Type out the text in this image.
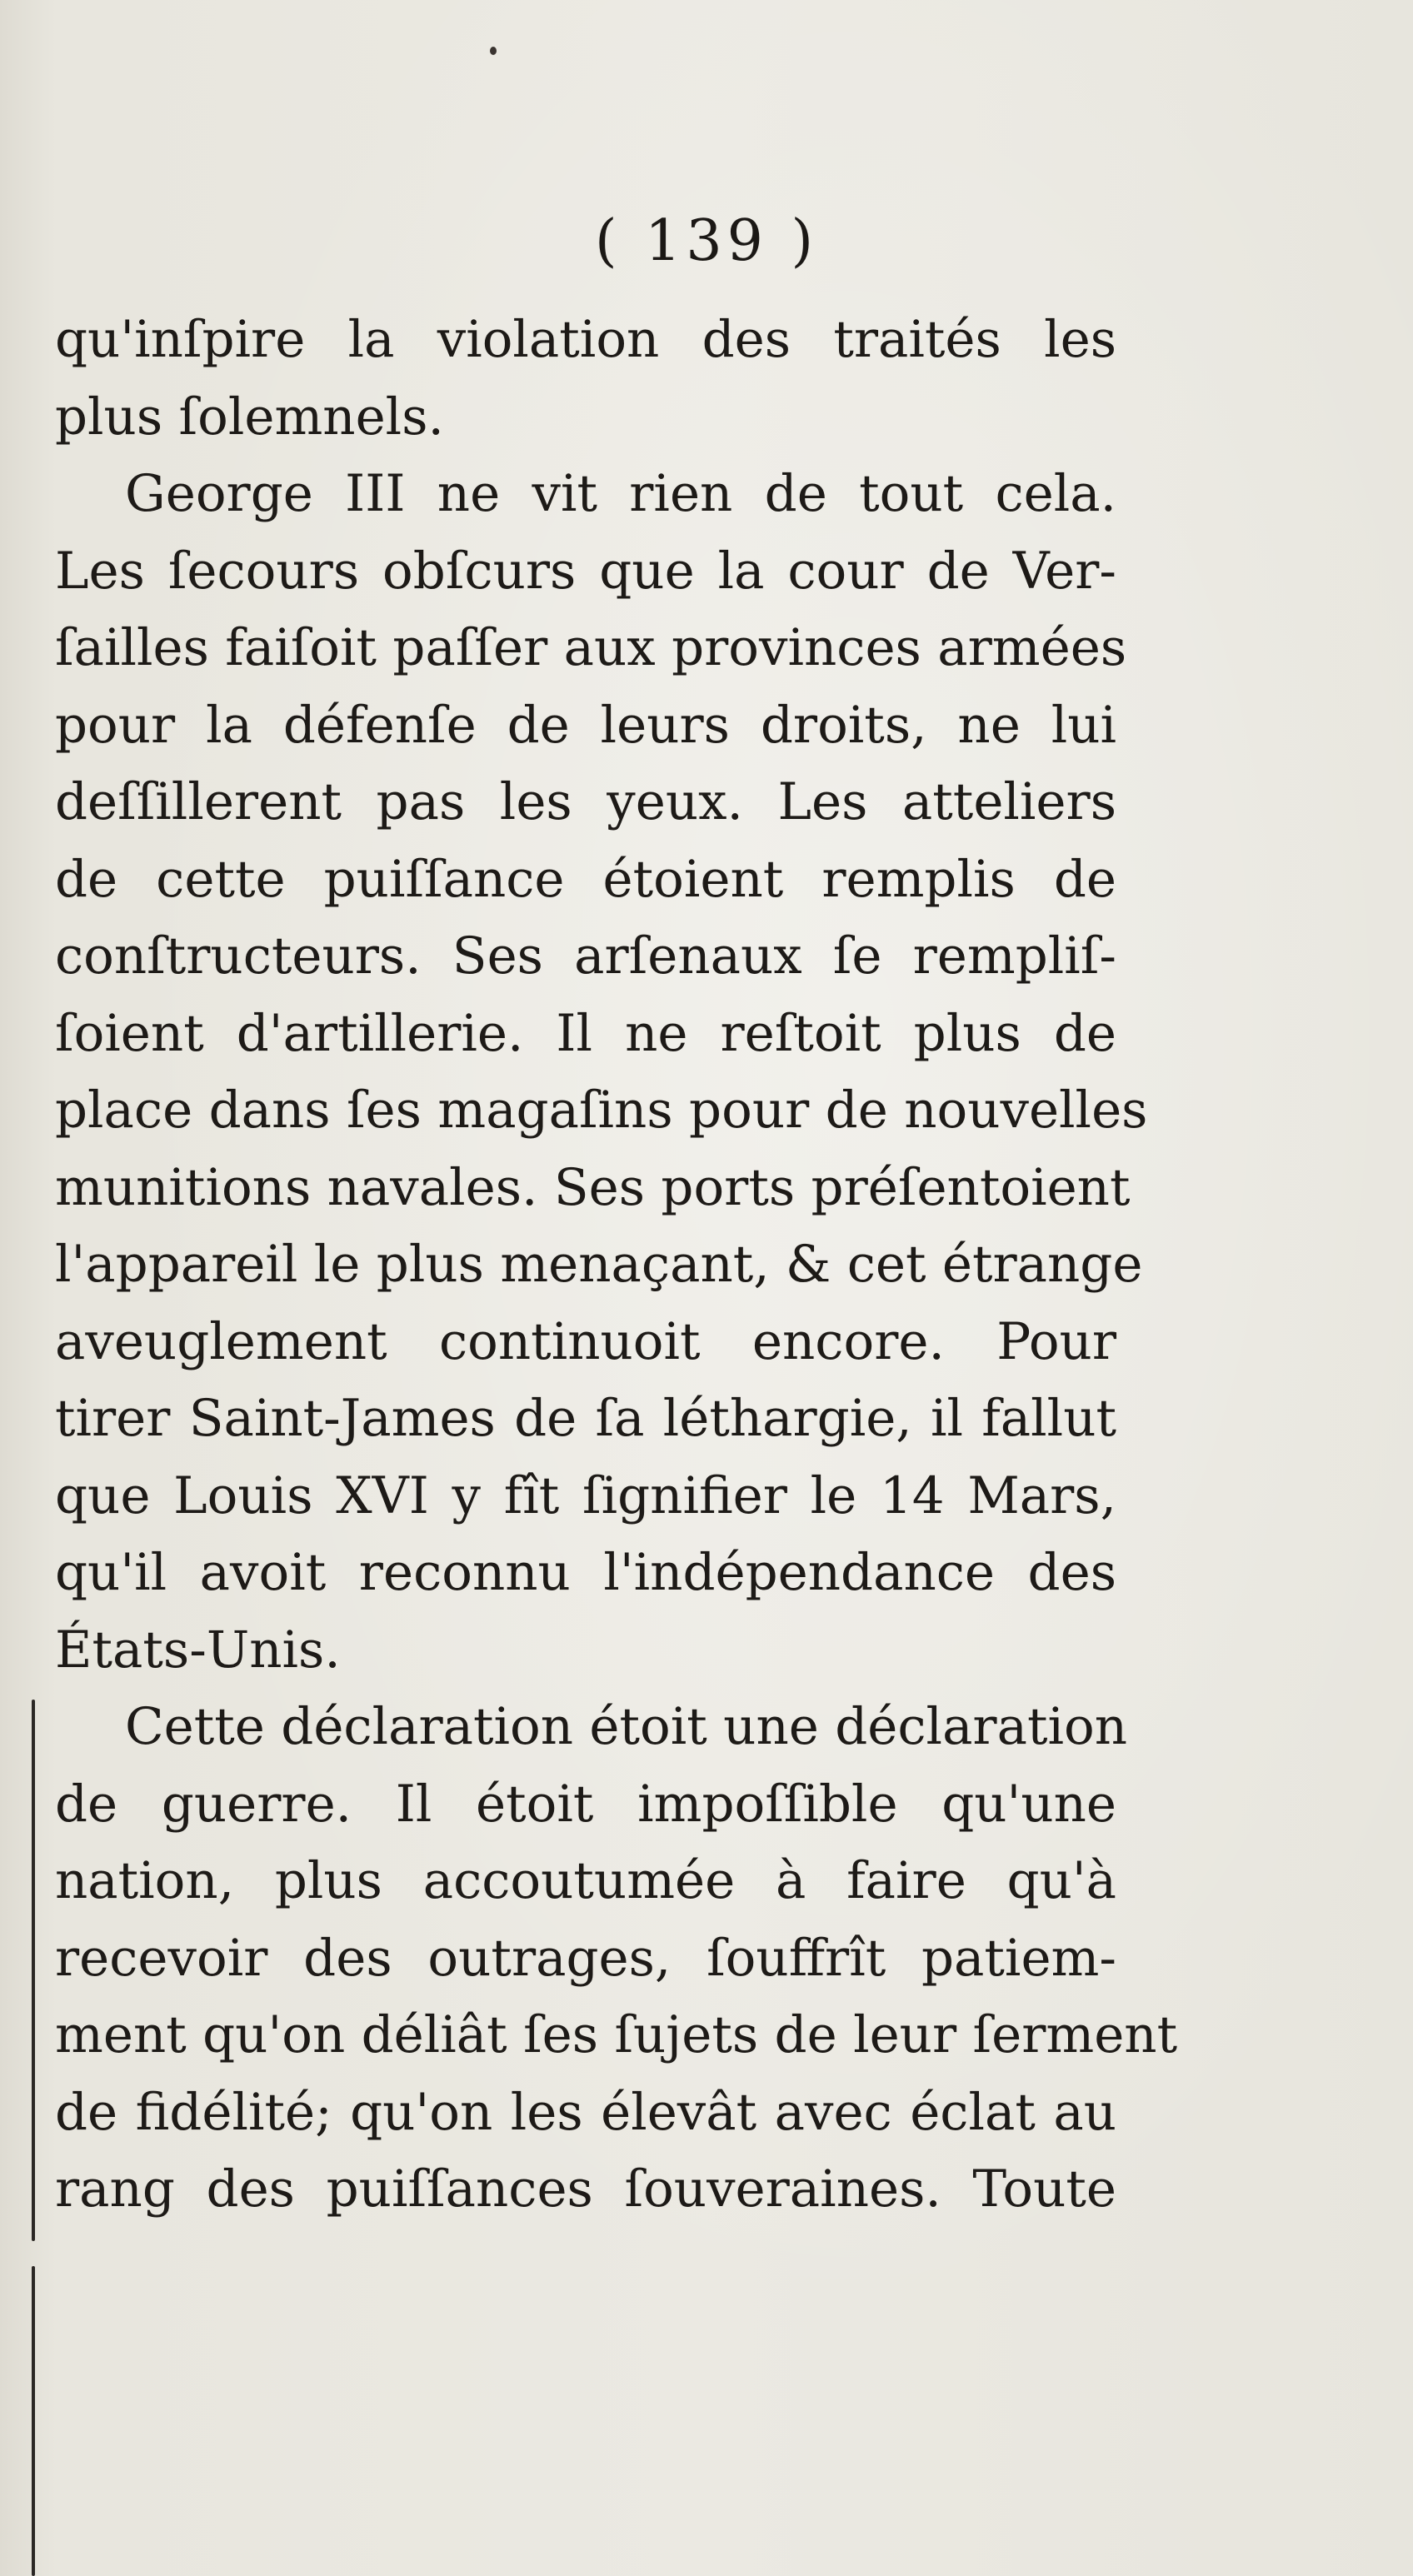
( 139 )
qu'inſpire la violation des traités les
plus ſolemnels.
George III ne vit rien de tout cela.
Les ſecours obſcurs que la cour de Ver-
ſailles faiſoit paſſer aux provinces armées
pour la défenſe de leurs droits, ne lui
deſſillerent pas les yeux. Les atteliers
de cette puiſſance étoient remplis de
conſtructeurs. Ses arſenaux ſe rempliſ-
ſoient d'artillerie. Il ne reſtoit plus de
place dans ſes magaſins pour de nouvelles
munitions navales. Ses ports préſentoient
l'appareil le plus menaçant, & cet étrange
aveuglement continuoit encore. Pour
tirer Saint-James de ſa léthargie, il fallut
que Louis XVI y fît ſignifier le 14 Mars,
qu'il avoit reconnu l'indépendance des
États-Unis.
Cette déclaration étoit une déclaration
de guerre. Il étoit impoſſible qu'une
nation, plus accoutumée à faire qu'à
recevoir des outrages, ſouffrît patiem-
ment qu'on déliât ſes ſujets de leur ſerment
de fidélité; qu'on les élevât avec éclat au
rang des puiſſances ſouveraines. Toute
